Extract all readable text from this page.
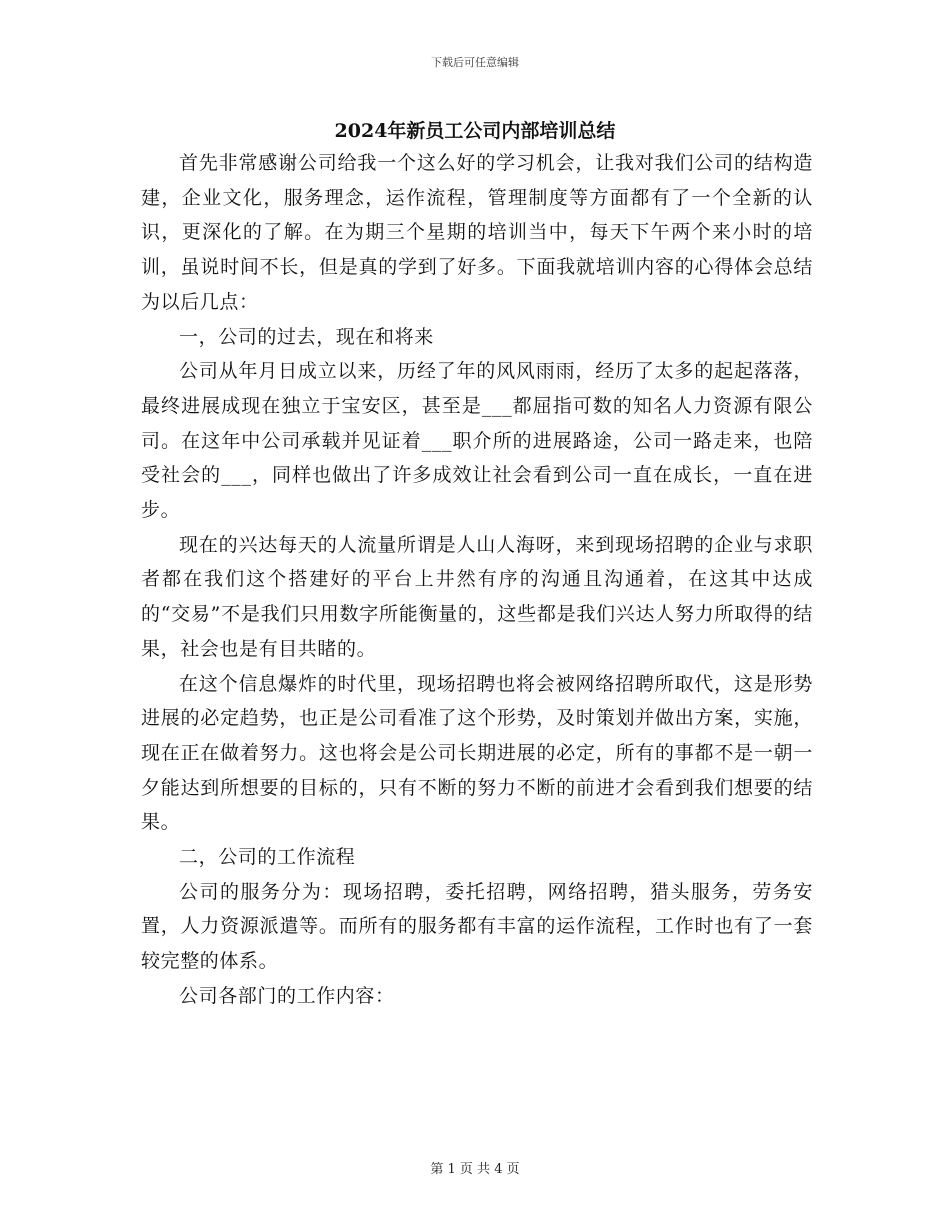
下载后可任意编辑
2024年新员工公司内部培训总结

首先非常感谢公司给我一个这么好的学习机会，让我对我们公司的结构造建，企业文化，服务理念，运作流程，管理制度等方面都有了一个全新的认识，更深化的了解。在为期三个星期的培训当中，每天下午两个来小时的培训，虽说时间不长，但是真的学到了好多。下面我就培训内容的心得体会总结为以后几点：

一，公司的过去，现在和将来

公司从年月日成立以来，历经了年的风风雨雨，经历了太多的起起落落，最终进展成现在独立于宝安区，甚至是___都屈指可数的知名人力资源有限公司。在这年中公司承载并见证着___职介所的进展路途，公司一路走来，也陪受社会的___，同样也做出了许多成效让社会看到公司一直在成长，一直在进步。

现在的兴达每天的人流量所谓是人山人海呀，来到现场招聘的企业与求职者都在我们这个搭建好的平台上井然有序的沟通且沟通着，在这其中达成的“交易”不是我们只用数字所能衡量的，这些都是我们兴达人努力所取得的结果，社会也是有目共睹的。

在这个信息爆炸的时代里，现场招聘也将会被网络招聘所取代，这是形势进展的必定趋势，也正是公司看准了这个形势，及时策划并做出方案，实施，现在正在做着努力。这也将会是公司长期进展的必定，所有的事都不是一朝一夕能达到所想要的目标的，只有不断的努力不断的前进才会看到我们想要的结果。

二，公司的工作流程

公司的服务分为：现场招聘，委托招聘，网络招聘，猎头服务，劳务安置，人力资源派遣等。而所有的服务都有丰富的运作流程，工作时也有了一套较完整的体系。

公司各部门的工作内容：

第 1 页 共 4 页
